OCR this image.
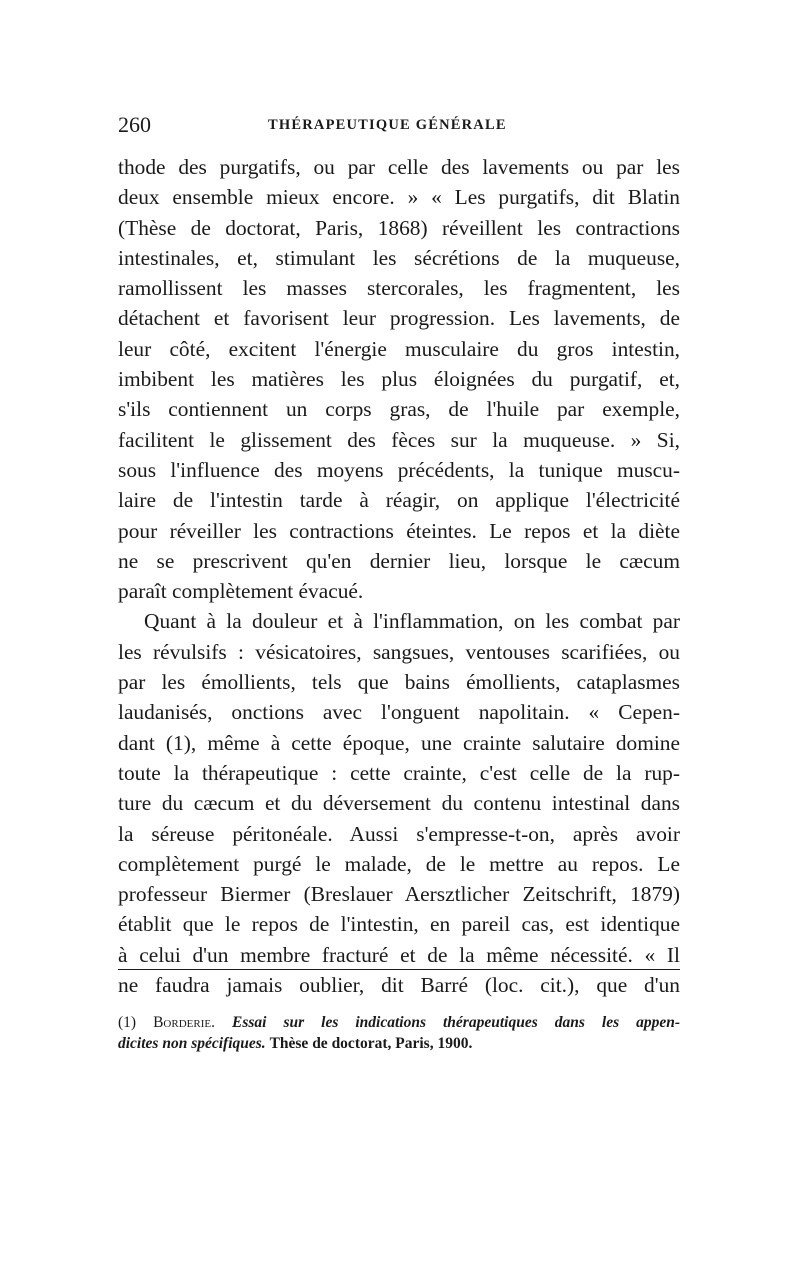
260	THÉRAPEUTIQUE GÉNÉRALE
thode des purgatifs, ou par celle des lavements ou par les
deux ensemble mieux encore. » « Les purgatifs, dit Blatin
(Thèse de doctorat, Paris, 1868) réveillent les contractions
intestinales, et, stimulant les sécrétions de la muqueuse,
ramollissent les masses stercorales, les fragmentent, les
détachent et favorisent leur progression. Les lavements, de
leur côté, excitent l'énergie musculaire du gros intestin,
imbibent les matières les plus éloignées du purgatif, et,
s'ils contiennent un corps gras, de l'huile par exemple,
facilitent le glissement des fèces sur la muqueuse. » Si,
sous l'influence des moyens précédents, la tunique muscu-
laire de l'intestin tarde à réagir, on applique l'électricité
pour réveiller les contractions éteintes. Le repos et la diète
ne se prescrivent qu'en dernier lieu, lorsque le cæcum
paraît complètement évacué.
Quant à la douleur et à l'inflammation, on les combat par
les révulsifs : vésicatoires, sangsues, ventouses scarifiées, ou
par les émollients, tels que bains émollients, cataplasmes
laudanisés, onctions avec l'onguent napolitain. « Cepen-
dant (1), même à cette époque, une crainte salutaire domine
toute la thérapeutique : cette crainte, c'est celle de la rup-
ture du cæcum et du déversement du contenu intestinal dans
la séreuse péritonéale. Aussi s'empresse-t-on, après avoir
complètement purgé le malade, de le mettre au repos. Le
professeur Biermer (Breslauer Aersztlicher Zeitschrift, 1879)
établit que le repos de l'intestin, en pareil cas, est identique
à celui d'un membre fracturé et de la même nécessité. « Il
ne faudra jamais oublier, dit Barré (loc. cit.), que d'un
(1) Borderie. Essai sur les indications thérapeutiques dans les appen-
dicites non spécifiques. Thèse de doctorat, Paris, 1900.
